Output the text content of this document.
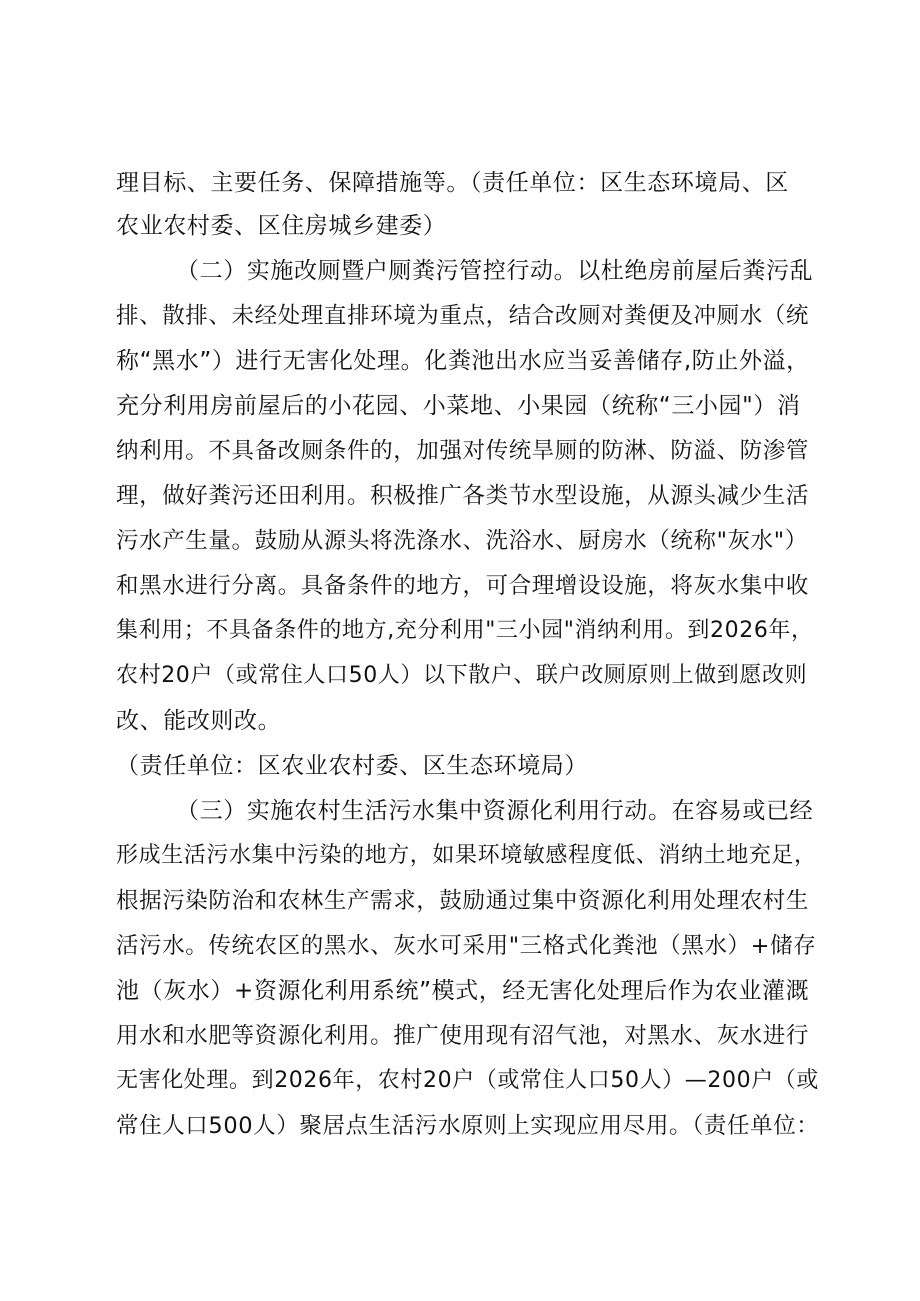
理目标、主要任务、保障措施等。（责任单位：区生态环境局、区
农业农村委、区住房城乡建委）
（二）实施改厕暨户厕粪污管控行动。以杜绝房前屋后粪污乱
排、散排、未经处理直排环境为重点，结合改厕对粪便及冲厕水（统
称“黑水”）进行无害化处理。化粪池出水应当妥善储存,防止外溢，
充分利用房前屋后的小花园、小菜地、小果园（统称“三小园"）消
纳利用。不具备改厕条件的，加强对传统旱厕的防淋、防溢、防渗管
理，做好粪污还田利用。积极推广各类节水型设施，从源头减少生活
污水产生量。鼓励从源头将洗涤水、洗浴水、厨房水（统称"灰水"）
和黑水进行分离。具备条件的地方，可合理增设设施，将灰水集中收
集利用；不具备条件的地方,充分利用"三小园"消纳利用。到2026年，
农村20户（或常住人口50人）以下散户、联户改厕原则上做到愿改则
改、能改则改。
（责任单位：区农业农村委、区生态环境局）
（三）实施农村生活污水集中资源化利用行动。在容易或已经
形成生活污水集中污染的地方，如果环境敏感程度低、消纳土地充足，
根据污染防治和农林生产需求，鼓励通过集中资源化利用处理农村生
活污水。传统农区的黑水、灰水可采用"三格式化粪池（黑水）+储存
池（灰水）+资源化利用系统”模式，经无害化处理后作为农业灌溉
用水和水肥等资源化利用。推广使用现有沼气池，对黑水、灰水进行
无害化处理。到2026年，农村20户（或常住人口50人）—200户（或
常住人口500人）聚居点生活污水原则上实现应用尽用。（责任单位：
